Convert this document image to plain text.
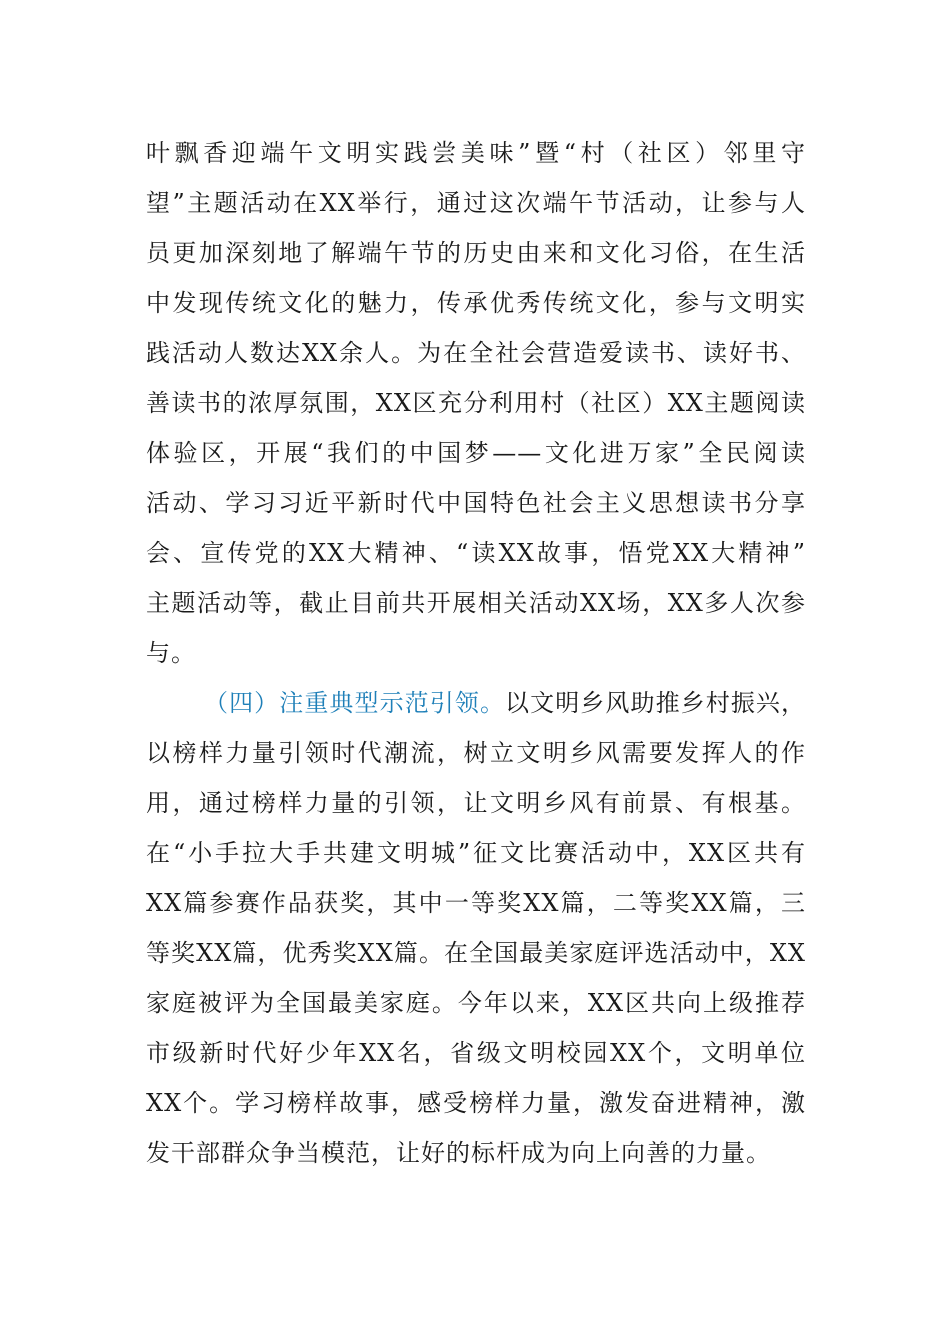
叶飘香迎端午文明实践尝美味”暨“村（社区）邻里守
望”主题活动在XX举行，通过这次端午节活动，让参与人
员更加深刻地了解端午节的历史由来和文化习俗，在生活
中发现传统文化的魅力，传承优秀传统文化，参与文明实
践活动人数达XX余人。为在全社会营造爱读书、读好书、
善读书的浓厚氛围，XX区充分利用村（社区）XX主题阅读
体验区，开展“我们的中国梦——文化进万家”全民阅读
活动、学习习近平新时代中国特色社会主义思想读书分享
会、宣传党的XX大精神、“读XX故事，悟党XX大精神”
主题活动等，截止目前共开展相关活动XX场，XX多人次参
与。
（四）注重典型示范引领。以文明乡风助推乡村振兴，
以榜样力量引领时代潮流，树立文明乡风需要发挥人的作
用，通过榜样力量的引领，让文明乡风有前景、有根基。
在“小手拉大手共建文明城”征文比赛活动中，XX区共有
XX篇参赛作品获奖，其中一等奖XX篇，二等奖XX篇，三
等奖XX篇，优秀奖XX篇。在全国最美家庭评选活动中，XX
家庭被评为全国最美家庭。今年以来，XX区共向上级推荐
市级新时代好少年XX名，省级文明校园XX个，文明单位
XX个。学习榜样故事，感受榜样力量，激发奋进精神，激
发干部群众争当模范，让好的标杆成为向上向善的力量。
